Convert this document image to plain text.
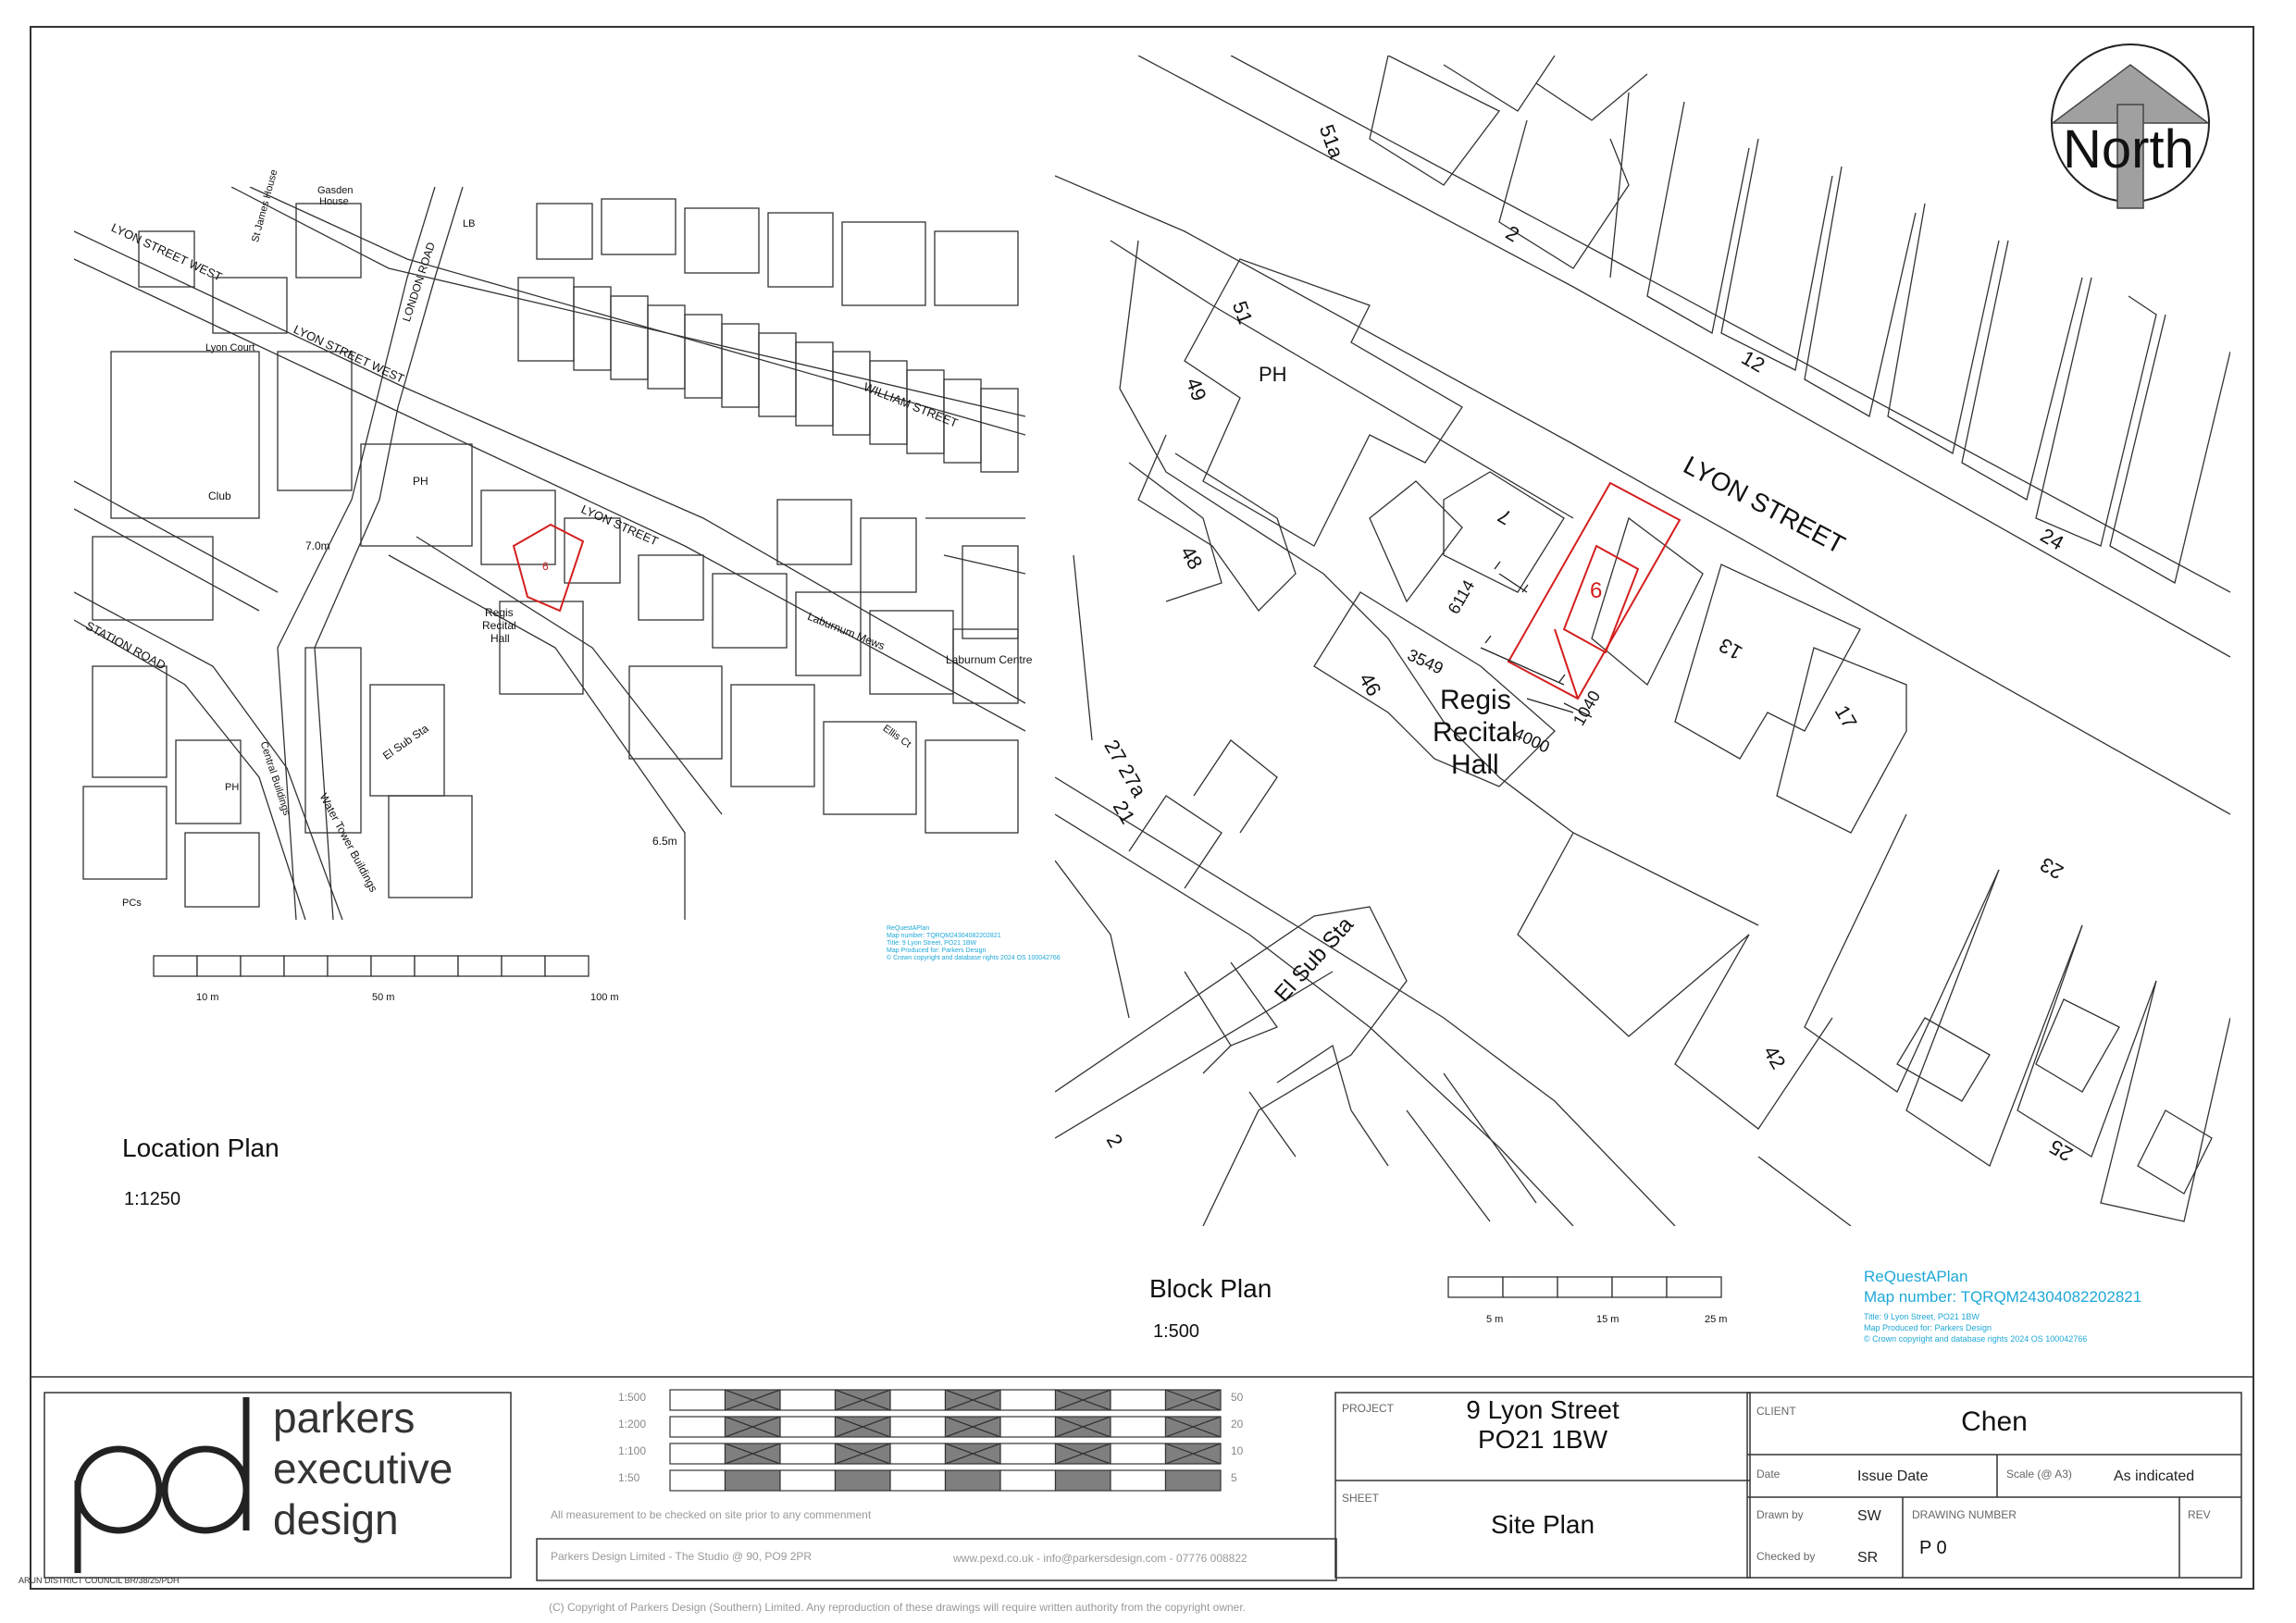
LYON STREET WEST
LYON STREET WEST
LONDON ROAD
WILLIAM STREET
LYON STREET
STATION ROAD	Laburnum Mews
Laburnum Centre
Club
PH
PH
Regis
Recital
Hall
El Sub Sta
Central Buildings
Water Tower Buildings
Lyon Court
Gasden
House
St James House
Ellis Ct
PCs
LB
7.0m
6.5m
6
ReQuestAPlan
Map number: TQRQM24304082202821
Title: 9 Lyon Street, PO21 1BW
Map Produced for: Parkers Design
© Crown copyright and database rights 2024 OS 100042766
10 m	50 m	100 m
Location Plan
1:1250
LYON STREET
PH
Regis
Recital
Hall
El Sub Sta
51a
2
12
24
51
49
48
7
6
13
17
46
27 27a
21
23
42
25
2
6114
3549
4000
1040
North
5 m	15 m	25 m
Block Plan
1:500
ReQuestAPlan
Map number: TQRQM24304082202821
Title: 9 Lyon Street, PO21 1BW
Map Produced for: Parkers Design
© Crown copyright and database rights 2024 OS 100042766
parkers
executive
design
ARUN DISTRICT COUNCIL BR/38/25/PDH
1:500	50
1:200	20
1:100	10
1:50	5
All measurement to be checked on site prior to any commenment
Parkers Design Limited - The Studio @ 90, PO9 2PR	www.pexd.co.uk - info@parkersdesign.com - 07776 008822
PROJECT	9 Lyon Street
PO21 1BW
SHEET
Site Plan
CLIENT	Chen
Date	Issue Date	Scale (@ A3)	As indicated
Drawn by	SW
Checked by	SR
DRAWING NUMBER
P 0
REV
(C) Copyright of Parkers Design (Southern) Limited. Any reproduction of these drawings will require written authority from the copyright owner.
